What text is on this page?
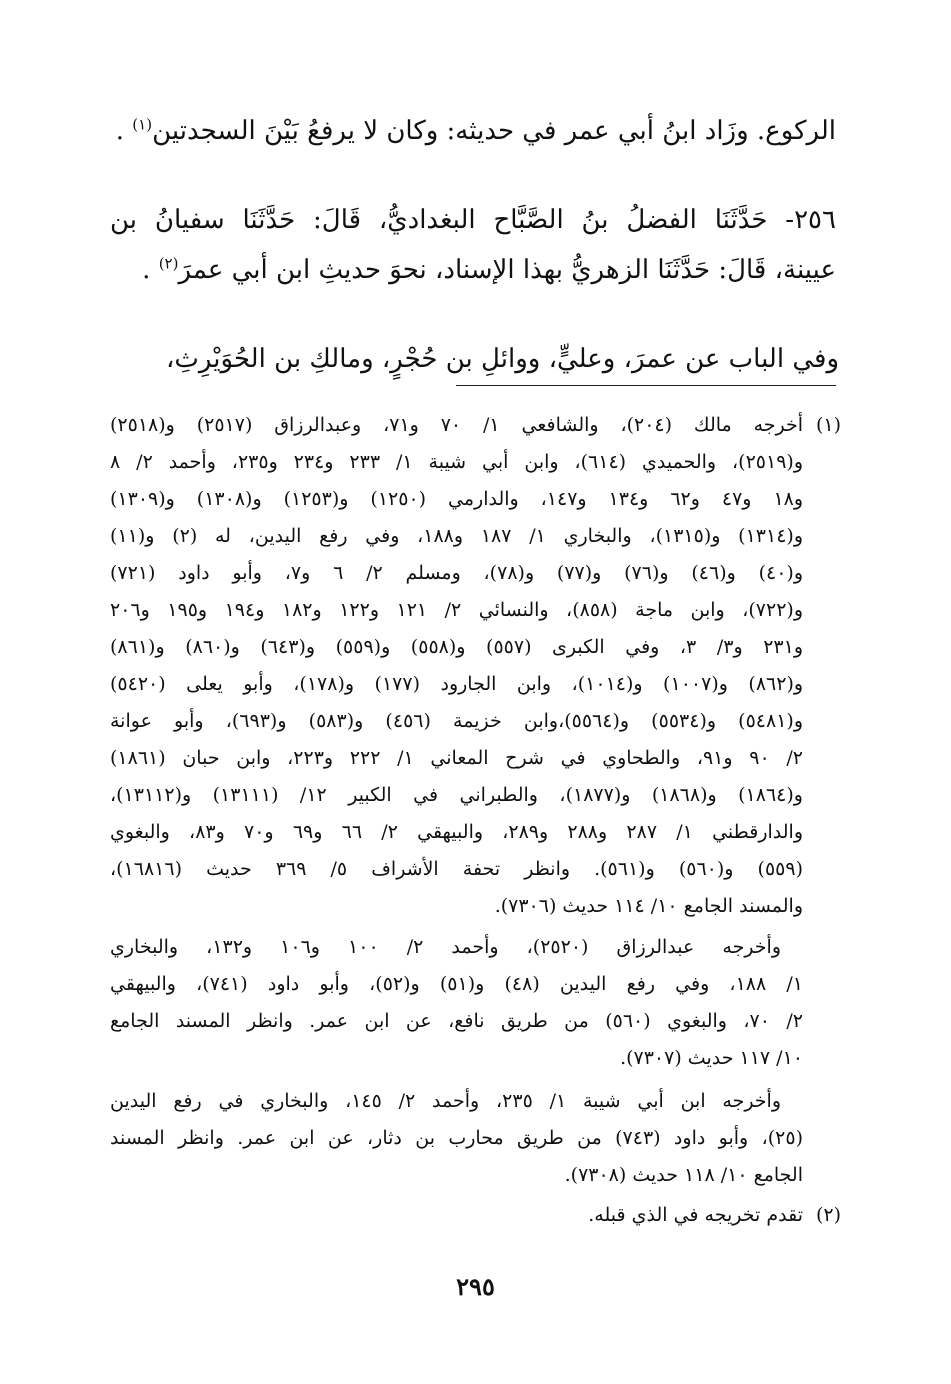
الركوع. وزَاد ابنُ أبي عمر في حديثه: وكان لا يرفعُ بَيْنَ السجدتين$^{(١)}$ .
٢٥٦- حَدَّثَنَا الفضلُ بنُ الصَّبَّاح البغداديُّ، قَالَ: حَدَّثَنَا سفيانُ بن
عيينة، قَالَ: حَدَّثَنَا الزهريُّ بهذا الإسناد، نحوَ حديثِ ابن أبي عمرَ$^{(٢)}$ .
وفي الباب عن عمرَ، وعليٍّ، ووائلِ بن حُجْرٍ، ومالكِ بن الحُوَيْرِثِ،
(١)
أخرجه مالك (٢٠٤)، والشافعي ١/ ٧٠ و٧١، وعبدالرزاق (٢٥١٧) و(٢٥١٨)
و(٢٥١٩)، والحميدي (٦١٤)، وابن أبي شيبة ١/ ٢٣٣ و٢٣٤ و٢٣٥، وأحمد ٢/ ٨
و١٨ و٤٧ و٦٢ و١٣٤ و١٤٧، والدارمي (١٢٥٠) و(١٢٥٣) و(١٣٠٨) و(١٣٠٩)
و(١٣١٤) و(١٣١٥)، والبخاري ١/ ١٨٧ و١٨٨، وفي رفع اليدين، له (٢) و(١١)
و(٤٠) و(٤٦) و(٧٦) و(٧٧) و(٧٨)، ومسلم ٢/ ٦ و٧، وأبو داود (٧٢١)
و(٧٢٢)، وابن ماجة (٨٥٨)، والنسائي ٢/ ١٢١ و١٢٢ و١٨٢ و١٩٤ و١٩٥ و٢٠٦
و٢٣١ و٣/ ٣، وفي الكبرى (٥٥٧) و(٥٥٨) و(٥٥٩) و(٦٤٣) و(٨٦٠) و(٨٦١)
و(٨٦٢) و(١٠٠٧) و(١٠١٤)، وابن الجارود (١٧٧) و(١٧٨)، وأبو يعلى (٥٤٢٠)
و(٥٤٨١) و(٥٥٣٤) و(٥٥٦٤)،وابن خزيمة (٤٥٦) و(٥٨٣) و(٦٩٣)، وأبو عوانة
٢/ ٩٠ و٩١، والطحاوي في شرح المعاني ١/ ٢٢٢ و٢٢٣، وابن حبان (١٨٦١)
و(١٨٦٤) و(١٨٦٨) و(١٨٧٧)، والطبراني في الكبير ١٢/ (١٣١١١) و(١٣١١٢)،
والدارقطني ١/ ٢٨٧ و٢٨٨ و٢٨٩، والبيهقي ٢/ ٦٦ و٦٩ و٧٠ و٨٣، والبغوي
(٥٥٩) و(٥٦٠) و(٥٦١). وانظر تحفة الأشراف ٥/ ٣٦٩ حديث (١٦٨١٦)،
والمسند الجامع ١٠/ ١١٤ حديث (٧٣٠٦).
وأخرجه عبدالرزاق (٢٥٢٠)، وأحمد ٢/ ١٠٠ و١٠٦ و١٣٢، والبخاري
١/ ١٨٨، وفي رفع اليدين (٤٨) و(٥١) و(٥٢)، وأبو داود (٧٤١)، والبيهقي
٢/ ٧٠، والبغوي (٥٦٠) من طريق نافع، عن ابن عمر. وانظر المسند الجامع
١٠/ ١١٧ حديث (٧٣٠٧).
وأخرجه ابن أبي شيبة ١/ ٢٣٥، وأحمد ٢/ ١٤٥، والبخاري في رفع اليدين
(٢٥)، وأبو داود (٧٤٣) من طريق محارب بن دثار، عن ابن عمر. وانظر المسند
الجامع ١٠/ ١١٨ حديث (٧٣٠٨).
(٢)
تقدم تخريجه في الذي قبله.
٢٩٥
